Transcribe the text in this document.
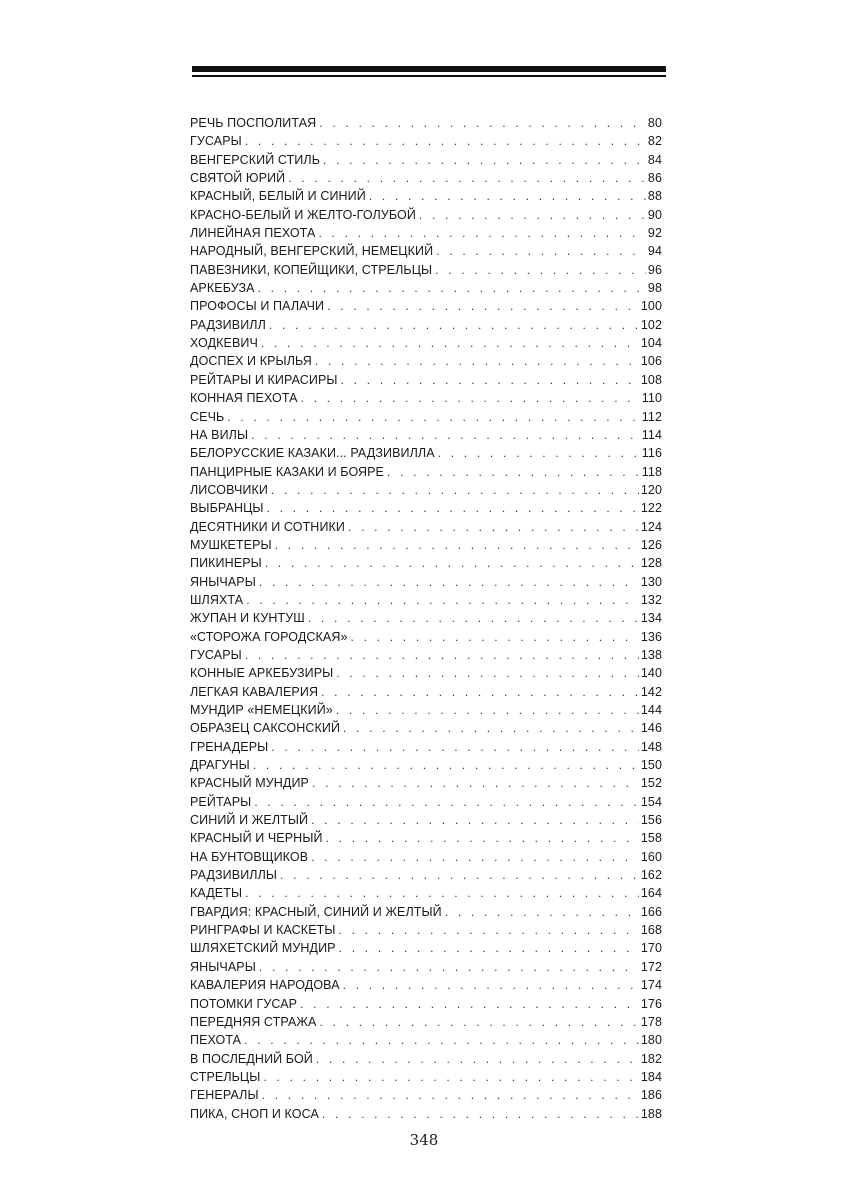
РЕЧЬ ПОСПОЛИТАЯ . . .	80
ГУСАРЫ . . .	82
ВЕНГЕРСКИЙ СТИЛЬ . . .	84
СВЯТОЙ ЮРИЙ . . .	86
КРАСНЫЙ, БЕЛЫЙ И СИНИЙ . . .	88
КРАСНО-БЕЛЫЙ И ЖЕЛТО-ГОЛУБОЙ . . .	90
ЛИНЕЙНАЯ ПЕХОТА . . .	92
НАРОДНЫЙ, ВЕНГЕРСКИЙ, НЕМЕЦКИЙ . . .	94
ПАВЕЗНИКИ, КОПЕЙЩИКИ, СТРЕЛЬЦЫ . . .	96
АРКЕБУЗА . . .	98
ПРОФОСЫ И ПАЛАЧИ . . .	100
РАДЗИВИЛЛ . . .	102
ХОДКЕВИЧ . . .	104
ДОСПЕХ И КРЫЛЬЯ . . .	106
РЕЙТАРЫ И КИРАСИРЫ . . .	108
КОННАЯ ПЕХОТА . . .	110
СЕЧЬ . . .	112
НА ВИЛЫ . . .	114
БЕЛОРУССКИЕ КАЗАКИ... РАДЗИВИЛЛА . . .	116
ПАНЦИРНЫЕ КАЗАКИ И БОЯРЕ . . .	118
ЛИСОВЧИКИ . . .	120
ВЫБРАНЦЫ . . .	122
ДЕСЯТНИКИ И СОТНИКИ . . .	124
МУШКЕТЕРЫ . . .	126
ПИКИНЕРЫ . . .	128
ЯНЫЧАРЫ . . .	130
ШЛЯХТА . . .	132
ЖУПАН И КУНТУШ . . .	134
«СТОРОЖА ГОРОДСКАЯ» . . .	136
ГУСАРЫ . . .	138
КОННЫЕ АРКЕБУЗИРЫ . . .	140
ЛЕГКАЯ КАВАЛЕРИЯ . . .	142
МУНДИР «НЕМЕЦКИЙ» . . .	144
ОБРАЗЕЦ САКСОНСКИЙ . . .	146
ГРЕНАДЕРЫ . . .	148
ДРАГУНЫ . . .	150
КРАСНЫЙ МУНДИР . . .	152
РЕЙТАРЫ . . .	154
СИНИЙ И ЖЕЛТЫЙ . . .	156
КРАСНЫЙ И ЧЕРНЫЙ . . .	158
НА БУНТОВЩИКОВ . . .	160
РАДЗИВИЛЛЫ . . .	162
КАДЕТЫ . . .	164
ГВАРДИЯ: КРАСНЫЙ, СИНИЙ И ЖЕЛТЫЙ . . .	166
РИНГРАФЫ И КАСКЕТЫ . . .	168
ШЛЯХЕТСКИЙ МУНДИР . . .	170
ЯНЫЧАРЫ . . .	172
КАВАЛЕРИЯ НАРОДОВА . . .	174
ПОТОМКИ ГУСАР . . .	176
ПЕРЕДНЯЯ СТРАЖА . . .	178
ПЕХОТА . . .	180
В ПОСЛЕДНИЙ БОЙ . . .	182
СТРЕЛЬЦЫ . . .	184
ГЕНЕРАЛЫ . . .	186
ПИКА, СНОП И КОСА . . .	188
348
